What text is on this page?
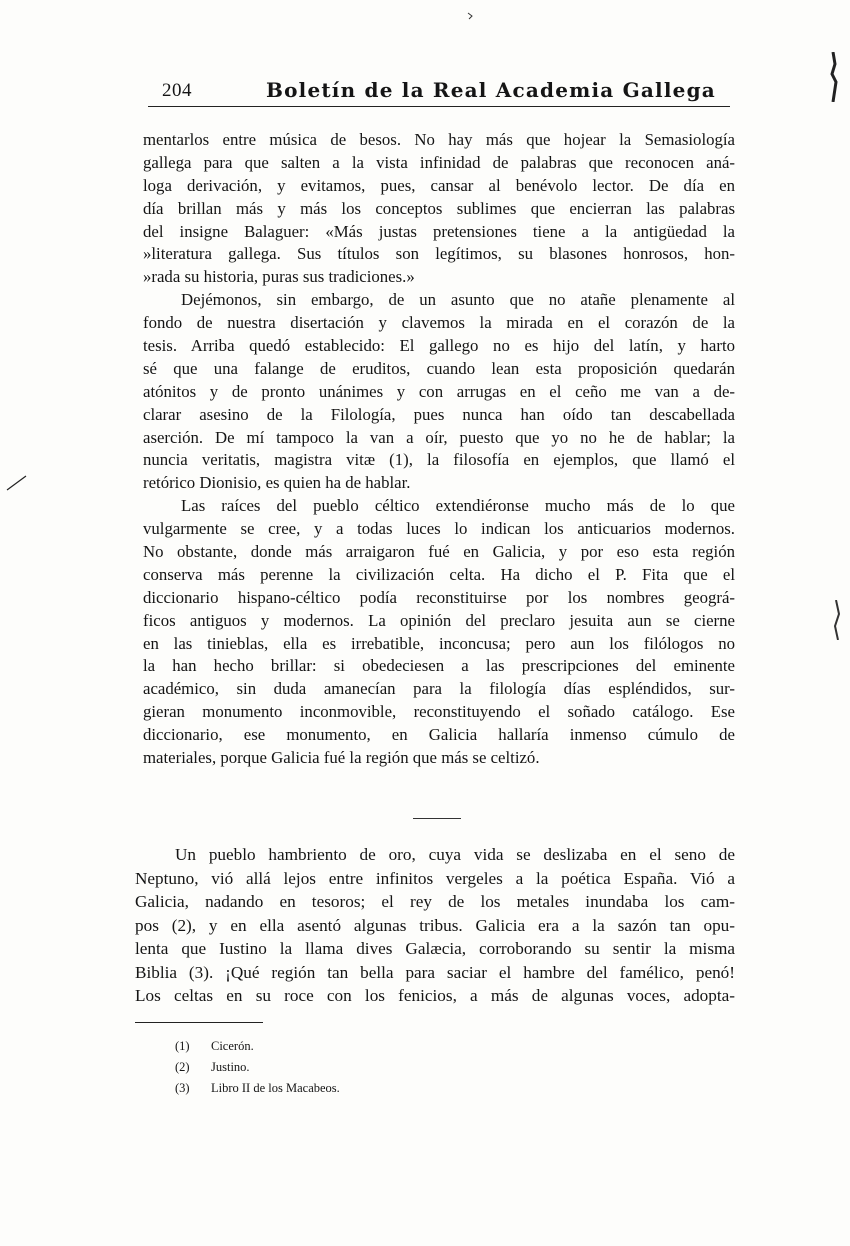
204	Boletín de la Real Academia Gallega
mentarlos entre música de besos. No hay más que hojear la Semasiología
gallega para que salten a la vista infinidad de palabras que reconocen aná-
loga derivación, y evitamos, pues, cansar al benévolo lector. De día en
día brillan más y más los conceptos sublimes que encierran las palabras
del insigne Balaguer: «Más justas pretensiones tiene a la antigüedad la
»literatura gallega. Sus títulos son legítimos, su blasones honrosos, hon-
»rada su historia, puras sus tradiciones.»
Dejémonos, sin embargo, de un asunto que no atañe plenamente al
fondo de nuestra disertación y clavemos la mirada en el corazón de la
tesis. Arriba quedó establecido: El gallego no es hijo del latín, y harto
sé que una falange de eruditos, cuando lean esta proposición quedarán
atónitos y de pronto unánimes y con arrugas en el ceño me van a de-
clarar asesino de la Filología, pues nunca han oído tan descabellada
aserción. De mí tampoco la van a oír, puesto que yo no he de hablar; la
nuncia veritatis, magistra vitæ (1), la filosofía en ejemplos, que llamó el
retórico Dionisio, es quien ha de hablar.
Las raíces del pueblo céltico extendiéronse mucho más de lo que
vulgarmente se cree, y a todas luces lo indican los anticuarios modernos.
No obstante, donde más arraigaron fué en Galicia, y por eso esta región
conserva más perenne la civilización celta. Ha dicho el P. Fita que el
diccionario hispano-céltico podía reconstituirse por los nombres geográ-
ficos antiguos y modernos. La opinión del preclaro jesuita aun se cierne
en las tinieblas, ella es irrebatible, inconcusa; pero aun los filólogos no
la han hecho brillar: si obedeciesen a las prescripciones del eminente
académico, sin duda amanecían para la filología días espléndidos, sur-
gieran monumento inconmovible, reconstituyendo el soñado catálogo. Ese
diccionario, ese monumento, en Galicia hallaría inmenso cúmulo de
materiales, porque Galicia fué la región que más se celtizó.
Un pueblo hambriento de oro, cuya vida se deslizaba en el seno de
Neptuno, vió allá lejos entre infinitos vergeles a la poética España. Vió a
Galicia, nadando en tesoros; el rey de los metales inundaba los cam-
pos (2), y en ella asentó algunas tribus. Galicia era a la sazón tan opu-
lenta que Iustino la llama dives Galæcia, corroborando su sentir la misma
Biblia (3). ¡Qué región tan bella para saciar el hambre del famélico, penó!
Los celtas en su roce con los fenicios, a más de algunas voces, adopta-
(1) Cicerón.
(2) Justino.
(3) Libro II de los Macabeos.
